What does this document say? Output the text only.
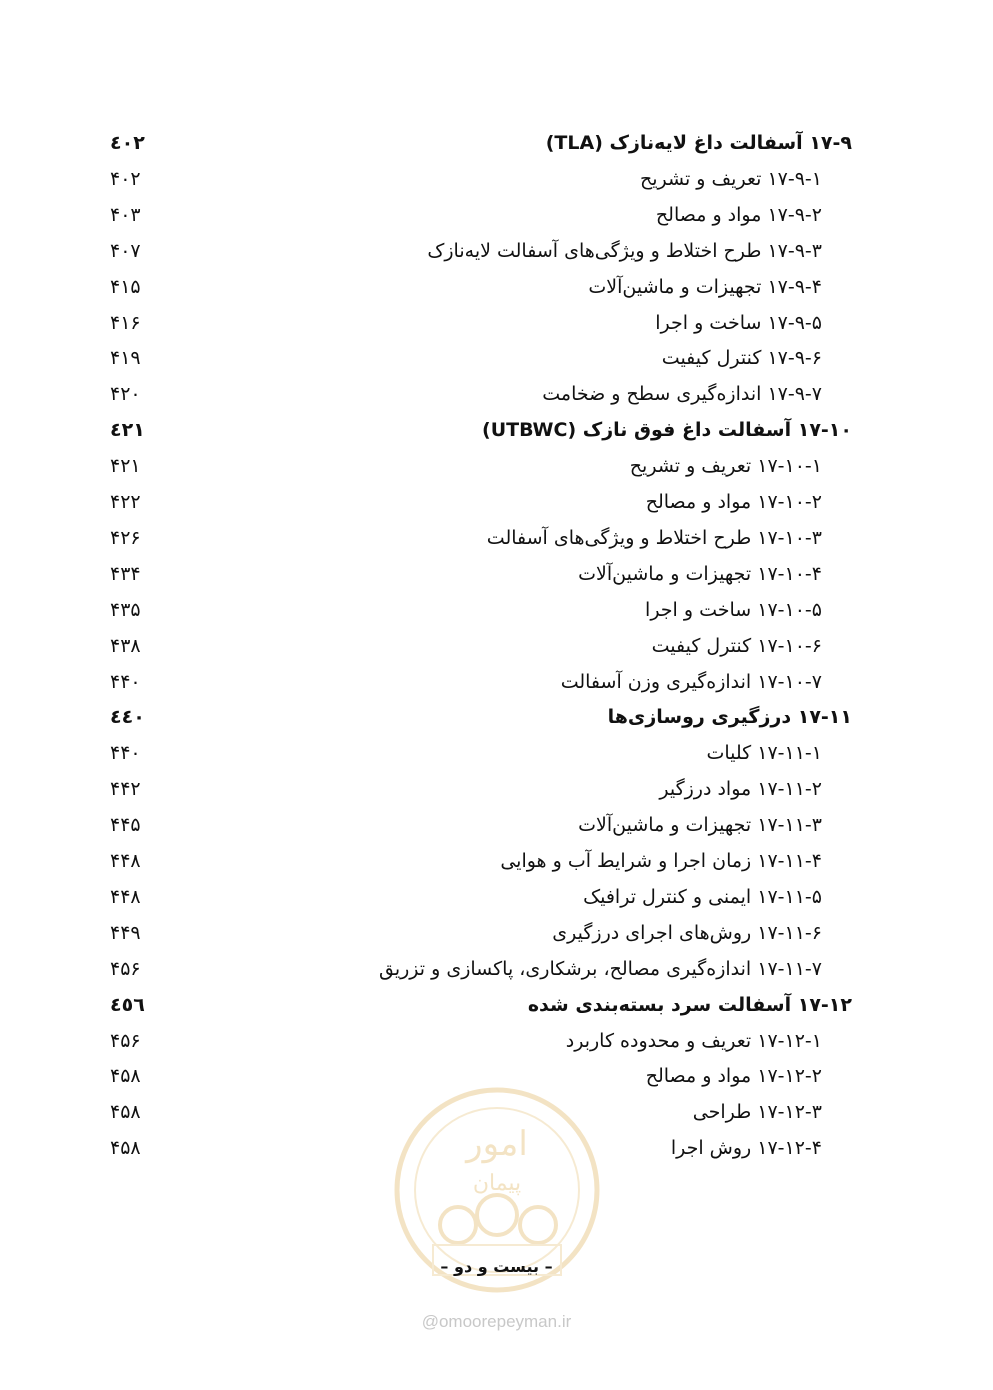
۱۷-۹ آسفالت داغ لایه‌نازک (TLA)
٤٠٢
۱۷-۹-۱ تعریف و تشریح
۴۰۲
۱۷-۹-۲ مواد و مصالح
۴۰۳
۱۷-۹-۳ طرح اختلاط و ویژگی‌های آسفالت لایه‌نازک
۴۰۷
۱۷-۹-۴ تجهیزات و ماشین‌آلات
۴۱۵
۱۷-۹-۵ ساخت و اجرا
۴۱۶
۱۷-۹-۶ کنترل کیفیت
۴۱۹
۱۷-۹-۷ اندازه‌گیری سطح و ضخامت
۴۲۰
۱۷-۱۰ آسفالت داغ فوق نازک (UTBWC)
٤٢١
۱۷-۱۰-۱ تعریف و تشریح
۴۲۱
۱۷-۱۰-۲ مواد و مصالح
۴۲۲
۱۷-۱۰-۳ طرح اختلاط و ویژگی‌های آسفالت
۴۲۶
۱۷-۱۰-۴ تجهیزات و ماشین‌آلات
۴۳۴
۱۷-۱۰-۵ ساخت و اجرا
۴۳۵
۱۷-۱۰-۶ کنترل کیفیت
۴۳۸
۱۷-۱۰-۷ اندازه‌گیری وزن آسفالت
۴۴۰
۱۷-۱۱ درزگیری روسازی‌ها
٤٤٠
۱۷-۱۱-۱ کلیات
۴۴۰
۱۷-۱۱-۲ مواد درزگیر
۴۴۲
۱۷-۱۱-۳ تجهیزات و ماشین‌آلات
۴۴۵
۱۷-۱۱-۴ زمان اجرا و شرایط آب و هوایی
۴۴۸
۱۷-۱۱-۵ ایمنی و کنترل ترافیک
۴۴۸
۱۷-۱۱-۶ روش‌های اجرای درزگیری
۴۴۹
۱۷-۱۱-۷ اندازه‌گیری مصالح، برشکاری، پاکسازی و تزریق
۴۵۶
۱۷-۱۲ آسفالت سرد بسته‌بندی شده
٤٥٦
۱۷-۱۲-۱ تعریف و محدوده کاربرد
۴۵۶
۱۷-۱۲-۲ مواد و مصالح
۴۵۸
۱۷-۱۲-۳ طراحی
۴۵۸
۱۷-۱۲-۴ روش اجرا
۴۵۸	امور
پیمان
@omoorepeyman.ir
– بیست و دو –
